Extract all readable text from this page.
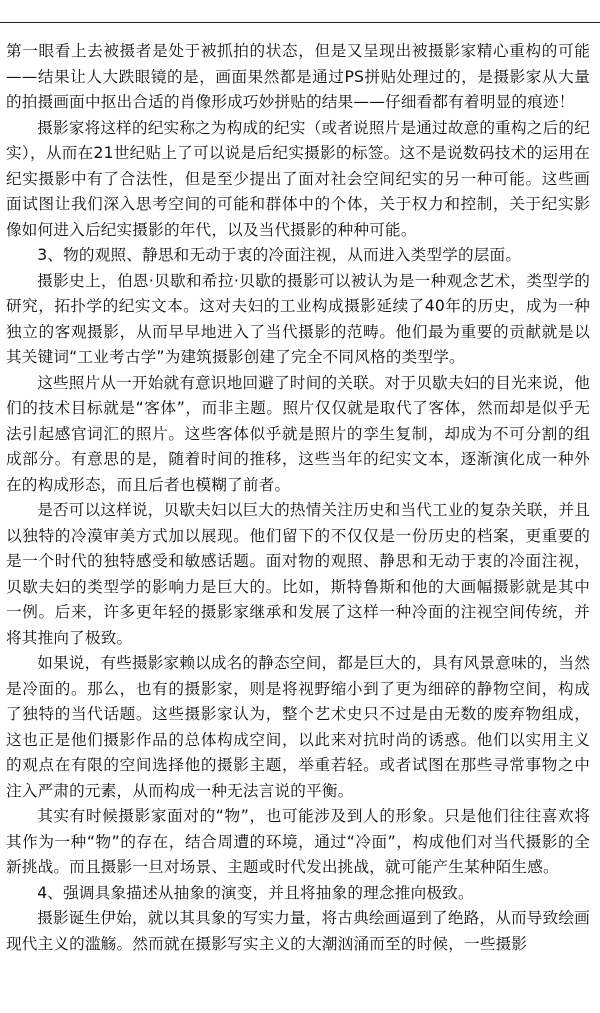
第一眼看上去被摄者是处于被抓拍的状态，但是又呈现出被摄影家精心重构的可能——结果让人大跌眼镜的是，画面果然都是通过PS拼贴处理过的，是摄影家从大量的拍摄画面中抠出合适的肖像形成巧妙拼贴的结果——仔细看都有着明显的痕迹！

摄影家将这样的纪实称之为构成的纪实（或者说照片是通过故意的重构之后的纪实），从而在21世纪贴上了可以说是后纪实摄影的标签。这不是说数码技术的运用在纪实摄影中有了合法性，但是至少提出了面对社会空间纪实的另一种可能。这些画面试图让我们深入思考空间的可能和群体中的个体，关于权力和控制，关于纪实影像如何进入后纪实摄影的年代，以及当代摄影的种种可能。

3、物的观照、静思和无动于衷的冷面注视，从而进入类型学的层面。

摄影史上，伯恩·贝歇和希拉·贝歇的摄影可以被认为是一种观念艺术，类型学的研究，拓扑学的纪实文本。这对夫妇的工业构成摄影延续了40年的历史，成为一种独立的客观摄影，从而早早地进入了当代摄影的范畴。他们最为重要的贡献就是以其关键词“工业考古学”为建筑摄影创建了完全不同风格的类型学。

这些照片从一开始就有意识地回避了时间的关联。对于贝歇夫妇的目光来说，他们的技术目标就是“客体”，而非主题。照片仅仅就是取代了客体，然而却是似乎无法引起感官词汇的照片。这些客体似乎就是照片的孪生复制，却成为不可分割的组成部分。有意思的是，随着时间的推移，这些当年的纪实文本，逐渐演化成一种外在的构成形态，而且后者也模糊了前者。

是否可以这样说，贝歇夫妇以巨大的热情关注历史和当代工业的复杂关联，并且以独特的冷漠审美方式加以展现。他们留下的不仅仅是一份历史的档案，更重要的是一个时代的独特感受和敏感话题。面对物的观照、静思和无动于衷的冷面注视，贝歇夫妇的类型学的影响力是巨大的。比如，斯特鲁斯和他的大画幅摄影就是其中一例。后来，许多更年轻的摄影家继承和发展了这样一种冷面的注视空间传统，并将其推向了极致。

如果说，有些摄影家赖以成名的静态空间，都是巨大的，具有风景意味的，当然是冷面的。那么，也有的摄影家，则是将视野缩小到了更为细碎的静物空间，构成了独特的当代话题。这些摄影家认为，整个艺术史只不过是由无数的废弃物组成，这也正是他们摄影作品的总体构成空间，以此来对抗时尚的诱惑。他们以实用主义的观点在有限的空间选择他的摄影主题，举重若轻。或者试图在那些寻常事物之中注入严肃的元素，从而构成一种无法言说的平衡。

其实有时候摄影家面对的“物”，也可能涉及到人的形象。只是他们往往喜欢将其作为一种“物”的存在，结合周遭的环境，通过“冷面”，构成他们对当代摄影的全新挑战。而且摄影一旦对场景、主题或时代发出挑战，就可能产生某种陌生感。

4、强调具象描述从抽象的演变，并且将抽象的理念推向极致。

摄影诞生伊始，就以其具象的写实力量，将古典绘画逼到了绝路，从而导致绘画现代主义的滥觞。然而就在摄影写实主义的大潮汹涌而至的时候，一些摄影
